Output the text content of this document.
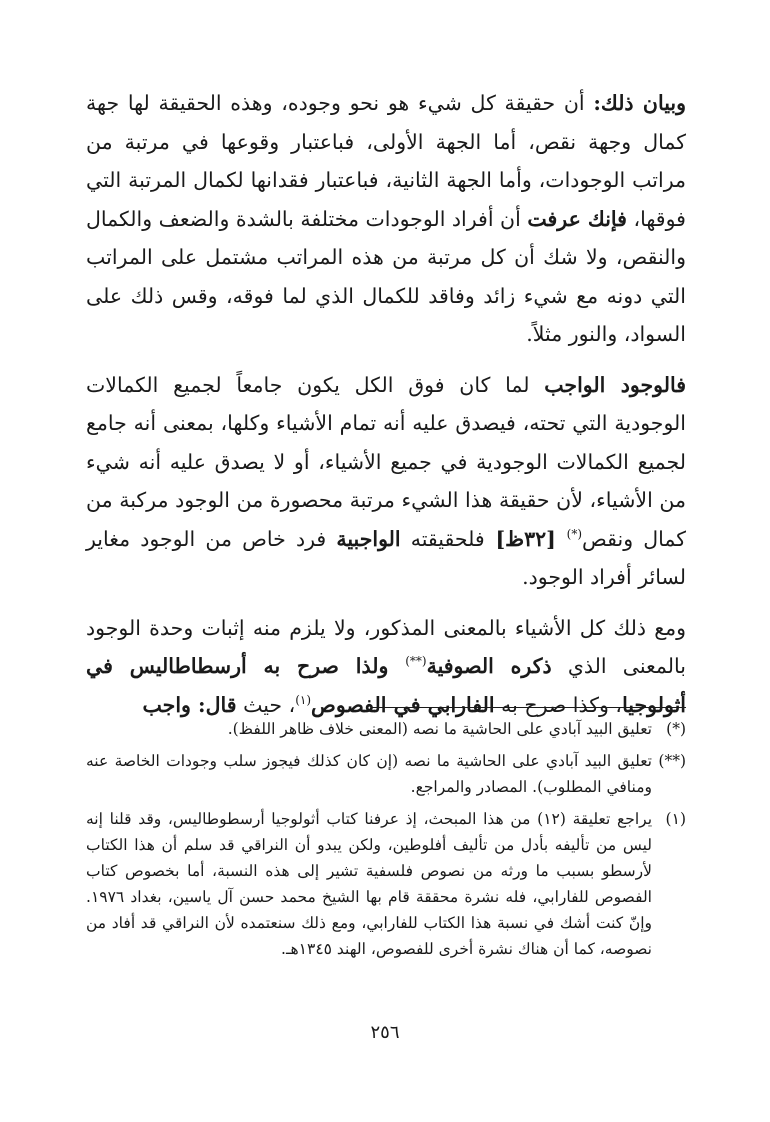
وبيان ذلك: أن حقيقة كل شيء هو نحو وجوده، وهذه الحقيقة لها جهة كمال وجهة نقص، أما الجهة الأولى، فباعتبار وقوعها في مرتبة من مراتب الوجودات، وأما الجهة الثانية، فباعتبار فقدانها لكمال المرتبة التي فوقها، فإنك عرفت أن أفراد الوجودات مختلفة بالشدة والضعف والكمال والنقص، ولا شك أن كل مرتبة من هذه المراتب مشتمل على المراتب التي دونه مع شيء زائد وفاقد للكمال الذي لما فوقه، وقس ذلك على السواد، والنور مثلاً.

فالوجود الواجب لما كان فوق الكل يكون جامعاً لجميع الكمالات الوجودية التي تحته، فيصدق عليه أنه تمام الأشياء وكلها، بمعنى أنه جامع لجميع الكمالات الوجودية في جميع الأشياء، أو لا يصدق عليه أنه شيء من الأشياء، لأن حقيقة هذا الشيء مرتبة محصورة من الوجود مركبة من كمال ونقص(*) [٣٢ظ] فلحقيقته الواجبية فرد خاص من الوجود مغاير لسائر أفراد الوجود.

ومع ذلك كل الأشياء بالمعنى المذكور، ولا يلزم منه إثبات وحدة الوجود بالمعنى الذي ذكره الصوفية(**) ولذا صرح به أرسطاطاليس في أثولوجيا، وكذا صرح به الفارابي في الفصوص$^{(١)}$، حيث قال: واجب

(*)
تعليق البيد آبادي على الحاشية ما نصه (المعنى خلاف ظاهر اللفظ).
(**)
تعليق البيد آبادي على الحاشية ما نصه (إن كان كذلك فيجوز سلب وجودات الخاصة عنه ومنافي المطلوب). المصادر والمراجع.
(١)
يراجع تعليقة (١٢) من هذا المبحث، إذ عرفنا كتاب أثولوجيا أرسطوطاليس، وقد قلنا إنه ليس من تأليفه بأدل من تأليف أفلوطين، ولكن يبدو أن النراقي قد سلم أن هذا الكتاب لأرسطو بسبب ما ورثه من نصوص فلسفية تشير إلى هذه النسبة، أما بخصوص كتاب الفصوص للفارابي، فله نشرة محققة قام بها الشيخ محمد حسن آل ياسين، بغداد ١٩٧٦. وإنّ كنت أشك في نسبة هذا الكتاب للفارابي، ومع ذلك سنعتمده لأن النراقي قد أفاد من نصوصه، كما أن هناك نشرة أخرى للفصوص، الهند ١٣٤٥هـ.
٢٥٦
